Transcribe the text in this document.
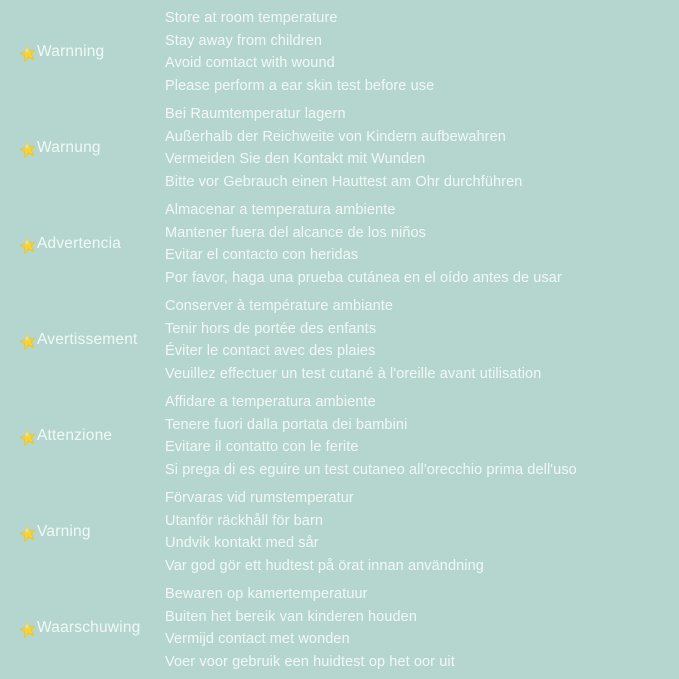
Warnning
Store at room temperature
Stay away from children
Avoid comtact with wound
Please perform a ear skin test before use
Warnung
Bei Raumtemperatur lagern
Außerhalb der Reichweite von Kindern aufbewahren
Vermeiden Sie den Kontakt mit Wunden
Bitte vor Gebrauch einen Hauttest am Ohr durchführen
Advertencia
Almacenar a temperatura ambiente
Mantener fuera del alcance de los niños
Evitar el contacto con heridas
Por favor, haga una prueba cutánea en el oído antes de usar
Avertissement
Conserver à température ambiante
Tenir hors de portée des enfants
Éviter le contact avec des plaies
Veuillez effectuer un test cutané à l'oreille avant utilisation
Attenzione
Affidare a temperatura ambiente
Tenere fuori dalla portata dei bambini
Evitare il contatto con le ferite
Si prega di es eguire un test cutaneo all'orecchio prima dell'uso
Varning
Förvaras vid rumstemperatur
Utanför räckhåll för barn
Undvik kontakt med sår
Var god gör ett hudtest på örat innan användning
Waarschuwing
Bewaren op kamertemperatuur
Buiten het bereik van kinderen houden
Vermijd contact met wonden
Voer voor gebruik een huidtest op het oor uit
